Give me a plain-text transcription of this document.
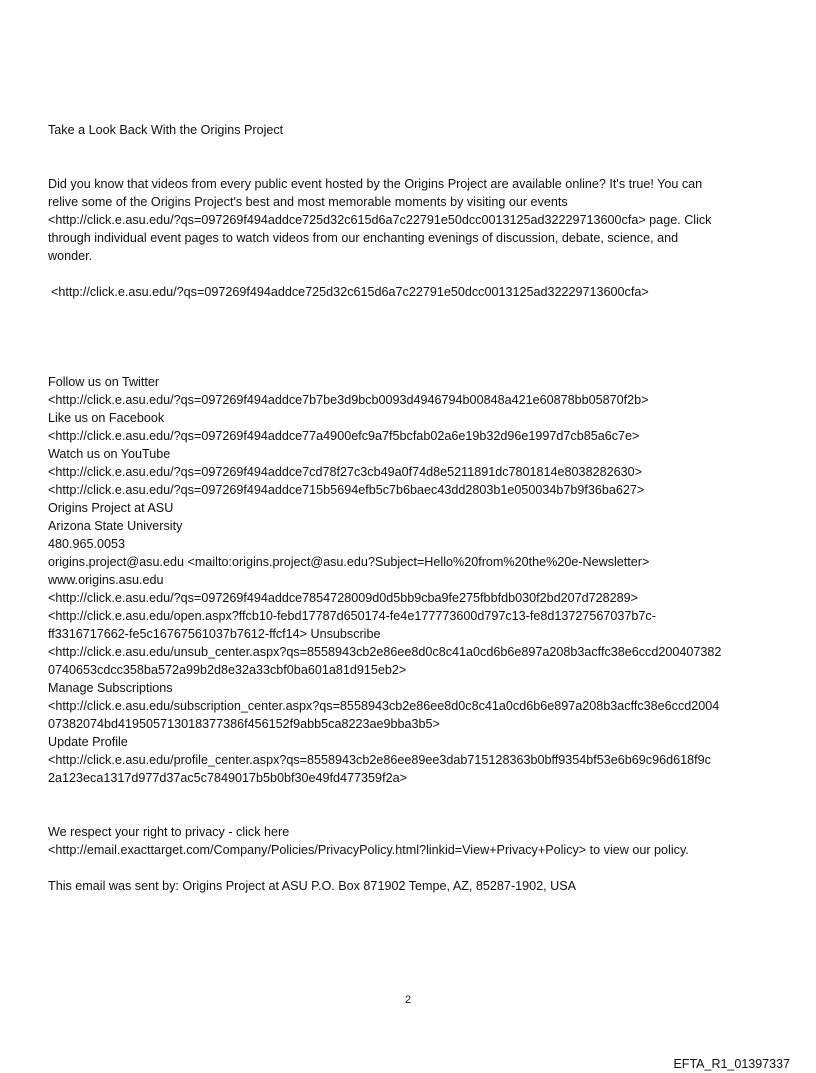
Take a Look Back With the Origins Project
Did you know that videos from every public event hosted by the Origins Project are available online? It's true! You can
relive some of the Origins Project's best and most memorable moments by visiting our events
<http://click.e.asu.edu/?qs=097269f494addce725d32c615d6a7c22791e50dcc0013125ad32229713600cfa> page. Click
through individual event pages to watch videos from our enchanting evenings of discussion, debate, science, and
wonder.
<http://click.e.asu.edu/?qs=097269f494addce725d32c615d6a7c22791e50dcc0013125ad32229713600cfa>
Follow us on Twitter
<http://click.e.asu.edu/?qs=097269f494addce7b7be3d9bcb0093d4946794b00848a421e60878bb05870f2b>
Like us on Facebook
<http://click.e.asu.edu/?qs=097269f494addce77a4900efc9a7f5bcfab02a6e19b32d96e1997d7cb85a6c7e>
Watch us on YouTube
<http://click.e.asu.edu/?qs=097269f494addce7cd78f27c3cb49a0f74d8e5211891dc7801814e8038282630>
<http://click.e.asu.edu/?qs=097269f494addce715b5694efb5c7b6baec43dd2803b1e050034b7b9f36ba627>
Origins Project at ASU
Arizona State University
480.965.0053
origins.project@asu.edu <mailto:origins.project@asu.edu?Subject=Hello%20from%20the%20e-Newsletter>
www.origins.asu.edu
<http://click.e.asu.edu/?qs=097269f494addce7854728009d0d5bb9cba9fe275fbbfdb030f2bd207d728289>
<http://click.e.asu.edu/open.aspx?ffcb10-febd17787d650174-fe4e177773600d797c13-fe8d13727567037b7c-
ff3316717662-fe5c16767561037b7612-ffcf14> Unsubscribe
<http://click.e.asu.edu/unsub_center.aspx?qs=8558943cb2e86ee8d0c8c41a0cd6b6e897a208b3acffc38e6ccd200407382
0740653cdcc358ba572a99b2d8e32a33cbf0ba601a81d915eb2>
Manage Subscriptions
<http://click.e.asu.edu/subscription_center.aspx?qs=8558943cb2e86ee8d0c8c41a0cd6b6e897a208b3acffc38e6ccd2004
07382074bd419505713018377386f456152f9abb5ca8223ae9bba3b5>
Update Profile
<http://click.e.asu.edu/profile_center.aspx?qs=8558943cb2e86ee89ee3dab715128363b0bff9354bf53e6b69c96d618f9c
2a123eca1317d977d37ac5c7849017b5b0bf30e49fd477359f2a>
We respect your right to privacy - click here
<http://email.exacttarget.com/Company/Policies/PrivacyPolicy.html?linkid=View+Privacy+Policy> to view our policy.
This email was sent by: Origins Project at ASU P.O. Box 871902 Tempe, AZ, 85287-1902, USA
2
EFTA_R1_01397337
